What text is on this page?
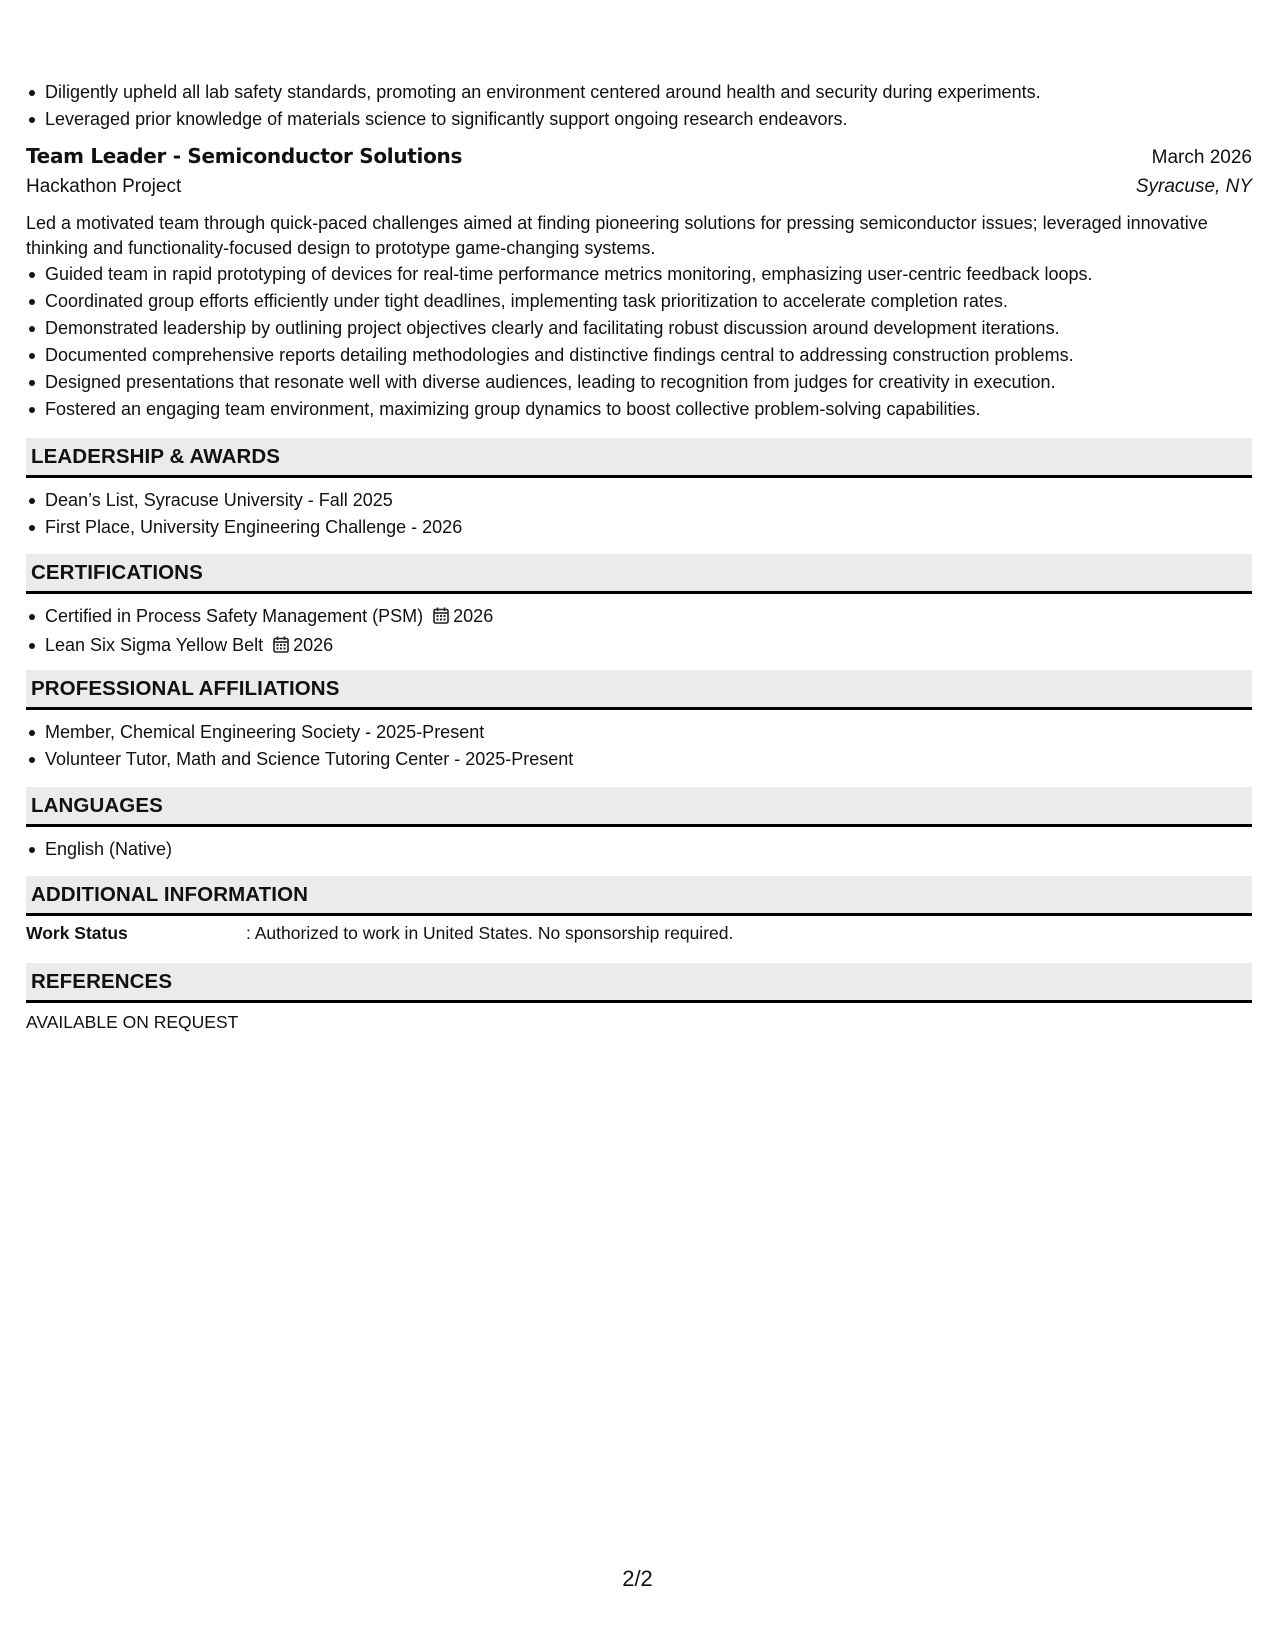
Diligently upheld all lab safety standards, promoting an environment centered around health and security during experiments.
Leveraged prior knowledge of materials science to significantly support ongoing research endeavors.
Team Leader - Semiconductor Solutions	March 2026
Hackathon Project	Syracuse, NY
Led a motivated team through quick-paced challenges aimed at finding pioneering solutions for pressing semiconductor issues; leveraged innovative thinking and functionality-focused design to prototype game-changing systems.
Guided team in rapid prototyping of devices for real-time performance metrics monitoring, emphasizing user-centric feedback loops.
Coordinated group efforts efficiently under tight deadlines, implementing task prioritization to accelerate completion rates.
Demonstrated leadership by outlining project objectives clearly and facilitating robust discussion around development iterations.
Documented comprehensive reports detailing methodologies and distinctive findings central to addressing construction problems.
Designed presentations that resonate well with diverse audiences, leading to recognition from judges for creativity in execution.
Fostered an engaging team environment, maximizing group dynamics to boost collective problem-solving capabilities.
LEADERSHIP & AWARDS
Dean’s List, Syracuse University - Fall 2025
First Place, University Engineering Challenge - 2026
CERTIFICATIONS
Certified in Process Safety Management (PSM) 2026
Lean Six Sigma Yellow Belt 2026
PROFESSIONAL AFFILIATIONS
Member, Chemical Engineering Society - 2025-Present
Volunteer Tutor, Math and Science Tutoring Center - 2025-Present
LANGUAGES
English (Native)
ADDITIONAL INFORMATION
Work Status	: Authorized to work in United States. No sponsorship required.
REFERENCES
AVAILABLE ON REQUEST
2/2
